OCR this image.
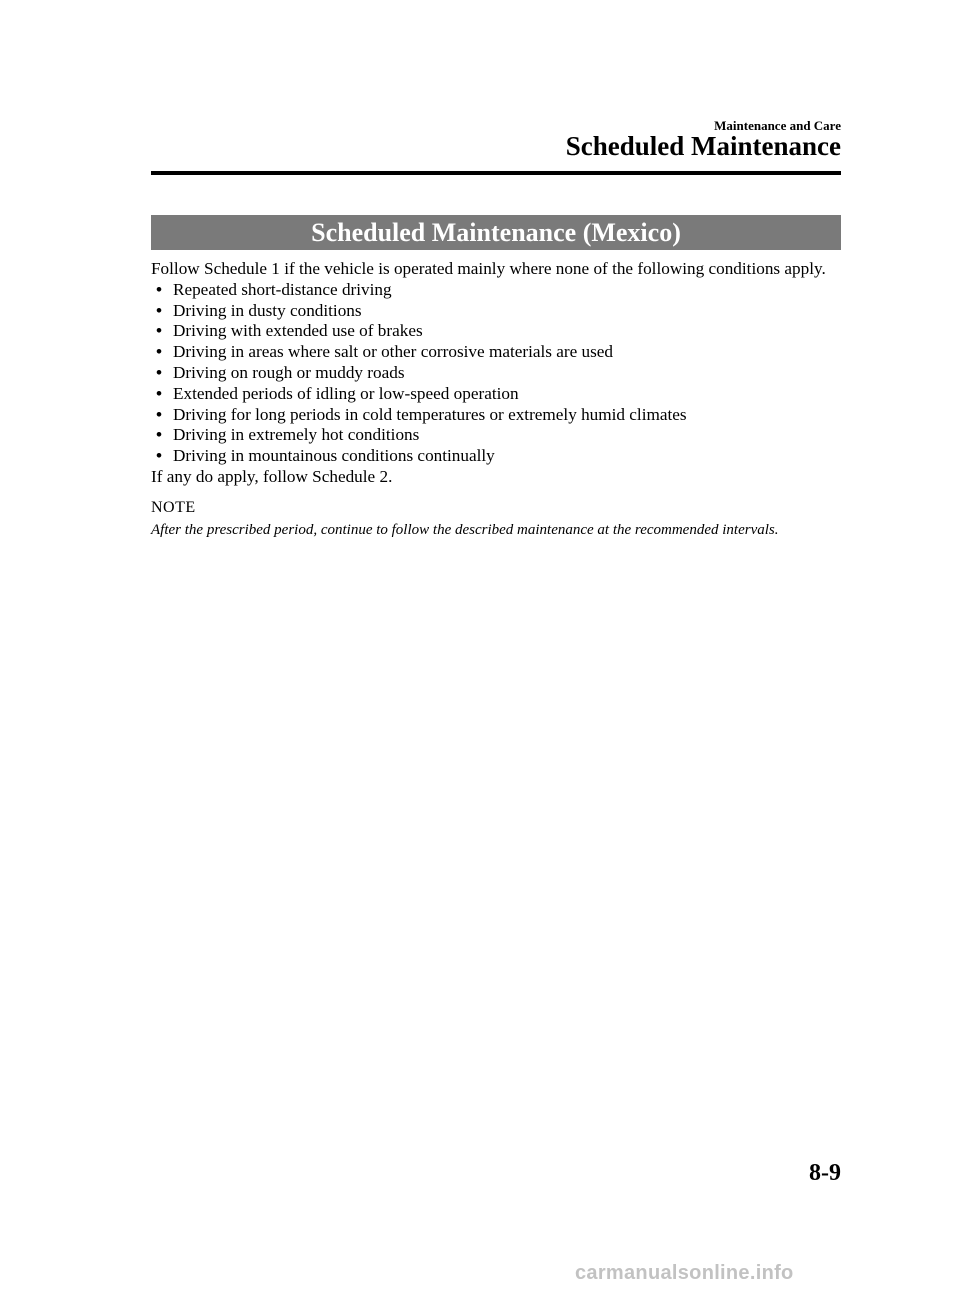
Maintenance and Care
Scheduled Maintenance
Scheduled Maintenance (Mexico)

Follow Schedule 1 if the vehicle is operated mainly where none of the following conditions apply.

• Repeated short-distance driving
• Driving in dusty conditions
• Driving with extended use of brakes
• Driving in areas where salt or other corrosive materials are used
• Driving on rough or muddy roads
• Extended periods of idling or low-speed operation
• Driving for long periods in cold temperatures or extremely humid climates
• Driving in extremely hot conditions
• Driving in mountainous conditions continually

If any do apply, follow Schedule 2.

NOTE

After the prescribed period, continue to follow the described maintenance at the recommended intervals.

8-9
carmanualsonline.info
